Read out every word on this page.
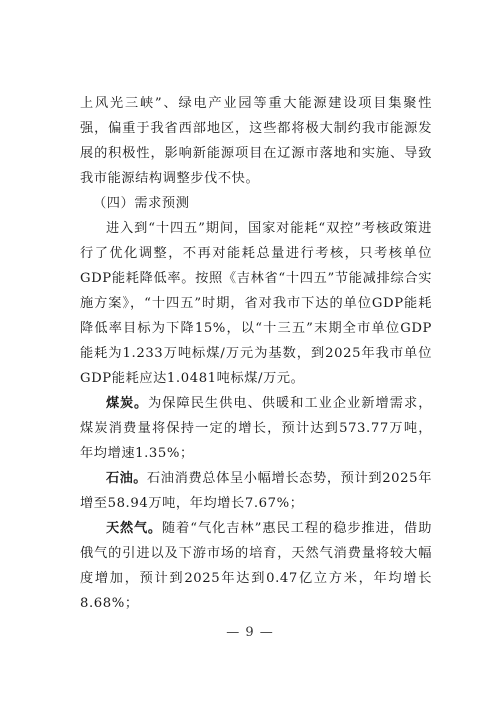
上风光三峡”、绿电产业园等重大能源建设项目集聚性强，偏重于我省西部地区，这些都将极大制约我市能源发展的积极性，影响新能源项目在辽源市落地和实施、导致我市能源结构调整步伐不快。

（四）需求预测

进入到“十四五”期间，国家对能耗“双控”考核政策进行了优化调整，不再对能耗总量进行考核，只考核单位GDP能耗降低率。按照《吉林省“十四五”节能减排综合实施方案》，“十四五”时期，省对我市下达的单位GDP能耗降低率目标为下降15%，以“十三五”末期全市单位GDP能耗为1.233万吨标煤/万元为基数，到2025年我市单位GDP能耗应达1.0481吨标煤/万元。

煤炭。为保障民生供电、供暖和工业企业新增需求，煤炭消费量将保持一定的增长，预计达到573.77万吨，年均增速1.35%；

石油。石油消费总体呈小幅增长态势，预计到2025年增至58.94万吨，年均增长7.67%；

天然气。随着“气化吉林”惠民工程的稳步推进，借助俄气的引进以及下游市场的培育，天然气消费量将较大幅度增加，预计到2025年达到0.47亿立方米，年均增长8.68%；

— 9 —
